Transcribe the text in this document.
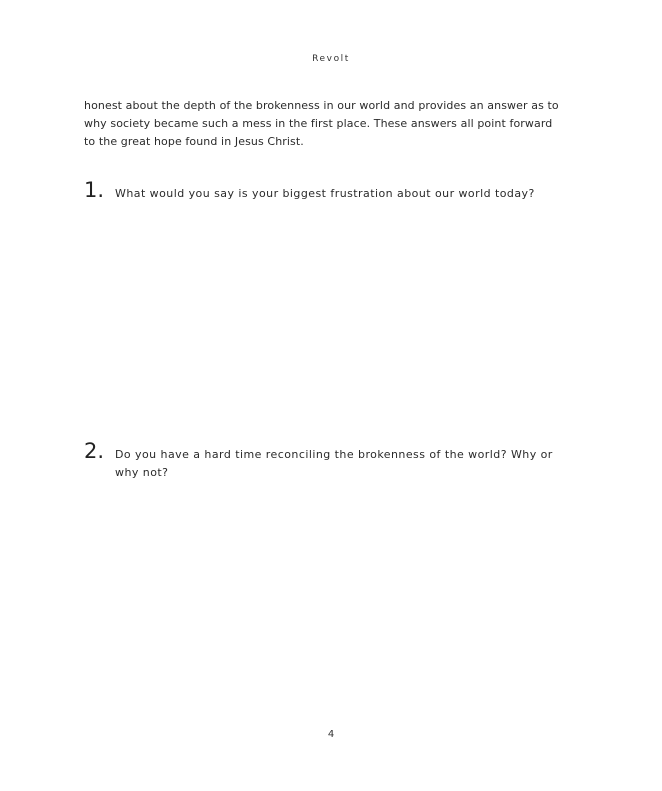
Revolt

honest about the depth of the brokenness in our world and provides an answer as to why society became such a mess in the first place. These answers all point forward to the great hope found in Jesus Christ.

1. What would you say is your biggest frustration about our world today?
2. Do you have a hard time reconciling the brokenness of the world? Why or why not?
4
